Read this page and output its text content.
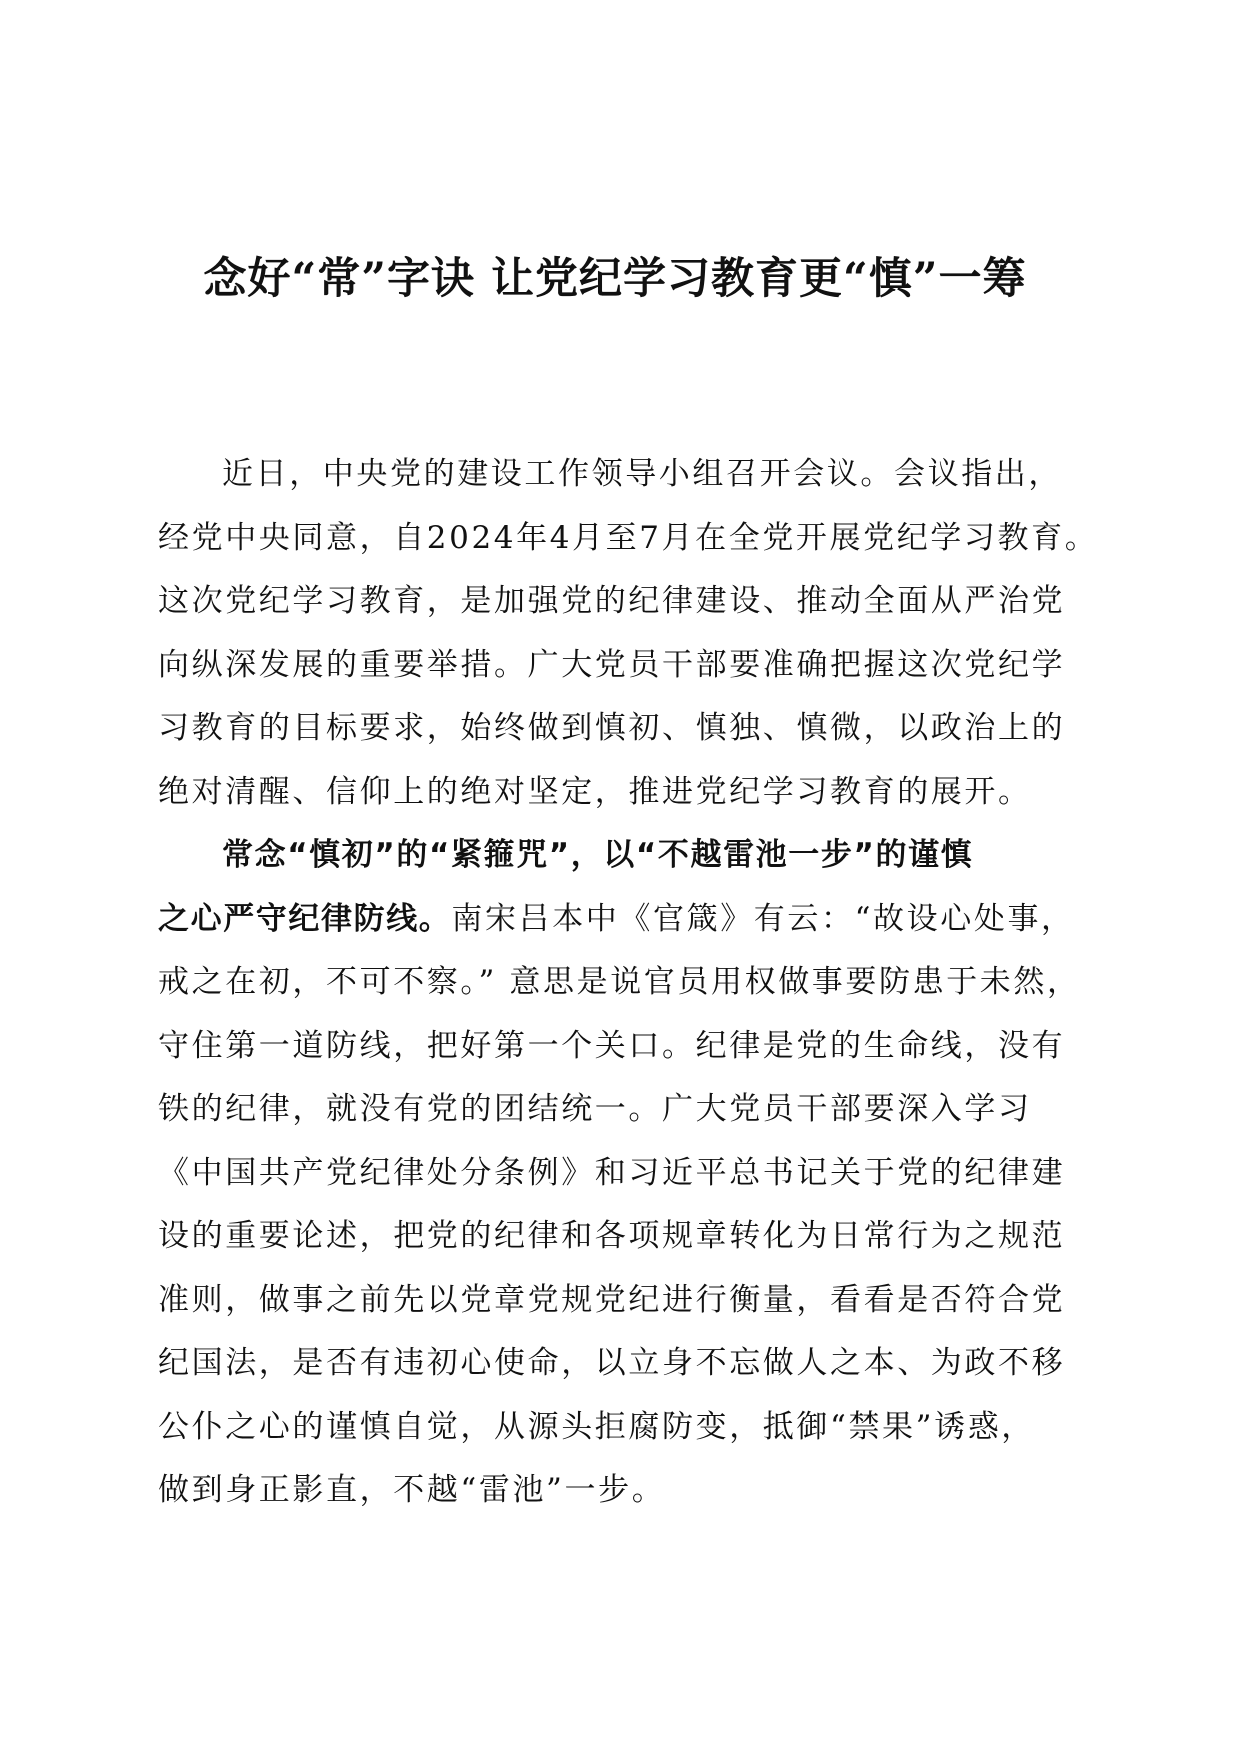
念好“常”字诀 让党纪学习教育更“慎”一筹
近日，中央党的建设工作领导小组召开会议。会议指出，
经党中央同意，自2024年4月至7月在全党开展党纪学习教育。
这次党纪学习教育，是加强党的纪律建设、推动全面从严治党
向纵深发展的重要举措。广大党员干部要准确把握这次党纪学
习教育的目标要求，始终做到慎初、慎独、慎微，以政治上的
绝对清醒、信仰上的绝对坚定，推进党纪学习教育的展开。
常念“慎初”的“紧箍咒”，以“不越雷池一步”的谨慎
之心严守纪律防线。南宋吕本中《官箴》有云：“故设心处事，
戒之在初，不可不察。” 意思是说官员用权做事要防患于未然，
守住第一道防线，把好第一个关口。纪律是党的生命线，没有
铁的纪律，就没有党的团结统一。广大党员干部要深入学习
《中国共产党纪律处分条例》和习近平总书记关于党的纪律建
设的重要论述，把党的纪律和各项规章转化为日常行为之规范
准则，做事之前先以党章党规党纪进行衡量，看看是否符合党
纪国法，是否有违初心使命，以立身不忘做人之本、为政不移
公仆之心的谨慎自觉，从源头拒腐防变，抵御“禁果”诱惑，
做到身正影直，不越“雷池”一步。
